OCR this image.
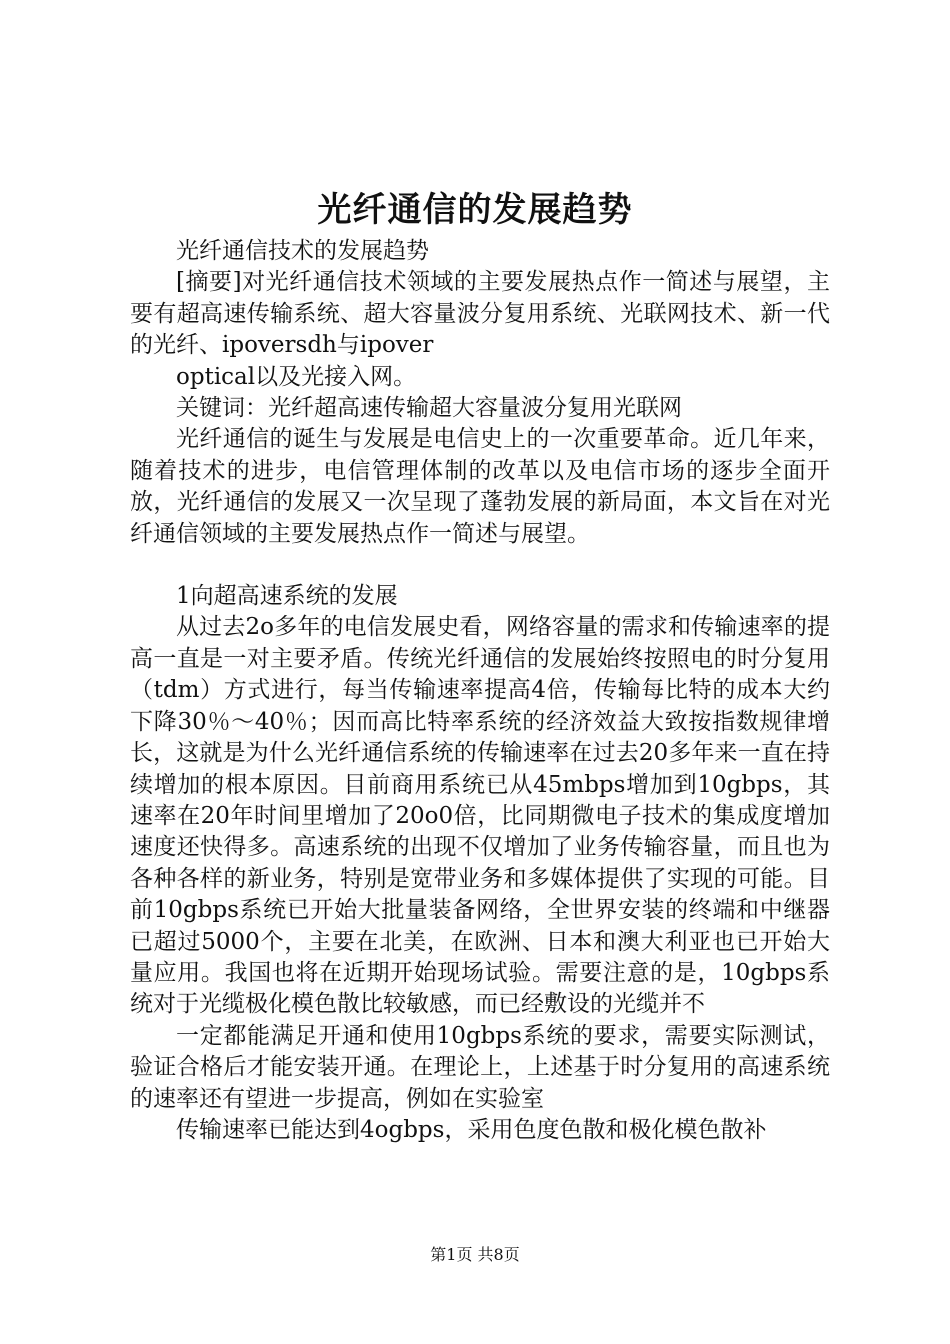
光纤通信的发展趋势

光纤通信技术的发展趋势

[摘要]对光纤通信技术领域的主要发展热点作一简述与展望，主要有超高速传输系统、超大容量波分复用系统、光联网技术、新一代的光纤、ipoversdh与ipover

optical以及光接入网。

关键词：光纤超高速传输超大容量波分复用光联网

光纤通信的诞生与发展是电信史上的一次重要革命。近几年来，随着技术的进步，电信管理体制的改革以及电信市场的逐步全面开放，光纤通信的发展又一次呈现了蓬勃发展的新局面，本文旨在对光纤通信领域的主要发展热点作一简述与展望。

1向超高速系统的发展

从过去2o多年的电信发展史看，网络容量的需求和传输速率的提高一直是一对主要矛盾。传统光纤通信的发展始终按照电的时分复用（tdm）方式进行，每当传输速率提高4倍，传输每比特的成本大约下降30％～40％；因而高比特率系统的经济效益大致按指数规律增长，这就是为什么光纤通信系统的传输速率在过去20多年来一直在持续增加的根本原因。目前商用系统已从45mbps增加到10gbps，其速率在20年时间里增加了20o0倍，比同期微电子技术的集成度增加速度还快得多。高速系统的出现不仅增加了业务传输容量，而且也为各种各样的新业务，特别是宽带业务和多媒体提供了实现的可能。目前10gbps系统已开始大批量装备网络，全世界安装的终端和中继器已超过5000个，主要在北美，在欧洲、日本和澳大利亚也已开始大量应用。我国也将在近期开始现场试验。需要注意的是，10gbps系统对于光缆极化模色散比较敏感，而已经敷设的光缆并不

一定都能满足开通和使用10gbps系统的要求，需要实际测试，验证合格后才能安装开通。在理论上，上述基于时分复用的高速系统的速率还有望进一步提高，例如在实验室

传输速率已能达到4ogbps，采用色度色散和极化模色散补

第1页 共8页
